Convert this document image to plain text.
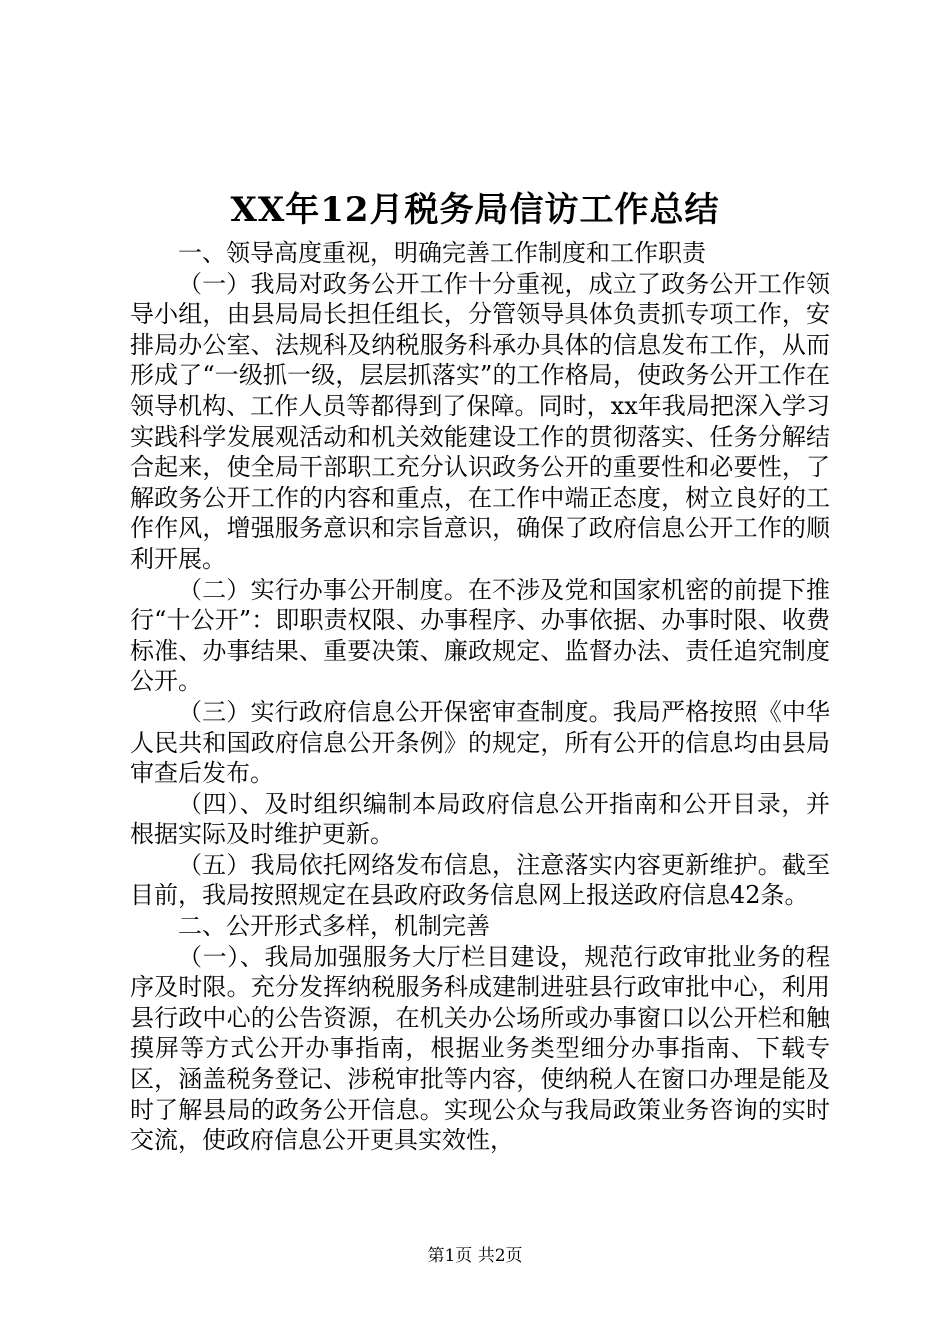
XX年12月税务局信访工作总结

一、领导高度重视，明确完善工作制度和工作职责

（一）我局对政务公开工作十分重视，成立了政务公开工作领导小组，由县局局长担任组长，分管领导具体负责抓专项工作，安排局办公室、法规科及纳税服务科承办具体的信息发布工作，从而形成了“一级抓一级，层层抓落实”的工作格局，使政务公开工作在领导机构、工作人员等都得到了保障。同时，xx年我局把深入学习实践科学发展观活动和机关效能建设工作的贯彻落实、任务分解结合起来，使全局干部职工充分认识政务公开的重要性和必要性，了解政务公开工作的内容和重点，在工作中端正态度，树立良好的工作作风，增强服务意识和宗旨意识，确保了政府信息公开工作的顺利开展。

（二）实行办事公开制度。在不涉及党和国家机密的前提下推行“十公开”：即职责权限、办事程序、办事依据、办事时限、收费标准、办事结果、重要决策、廉政规定、监督办法、责任追究制度公开。

（三）实行政府信息公开保密审查制度。我局严格按照《中华人民共和国政府信息公开条例》的规定，所有公开的信息均由县局审查后发布。

（四）、及时组织编制本局政府信息公开指南和公开目录，并根据实际及时维护更新。

（五）我局依托网络发布信息，注意落实内容更新维护。截至目前，我局按照规定在县政府政务信息网上报送政府信息42条。

二、公开形式多样，机制完善

（一）、我局加强服务大厅栏目建设，规范行政审批业务的程序及时限。充分发挥纳税服务科成建制进驻县行政审批中心，利用县行政中心的公告资源，在机关办公场所或办事窗口以公开栏和触摸屏等方式公开办事指南，根据业务类型细分办事指南、下载专区，涵盖税务登记、涉税审批等内容，使纳税人在窗口办理是能及时了解县局的政务公开信息。实现公众与我局政策业务咨询的实时交流，使政府信息公开更具实效性，

第1页 共2页
